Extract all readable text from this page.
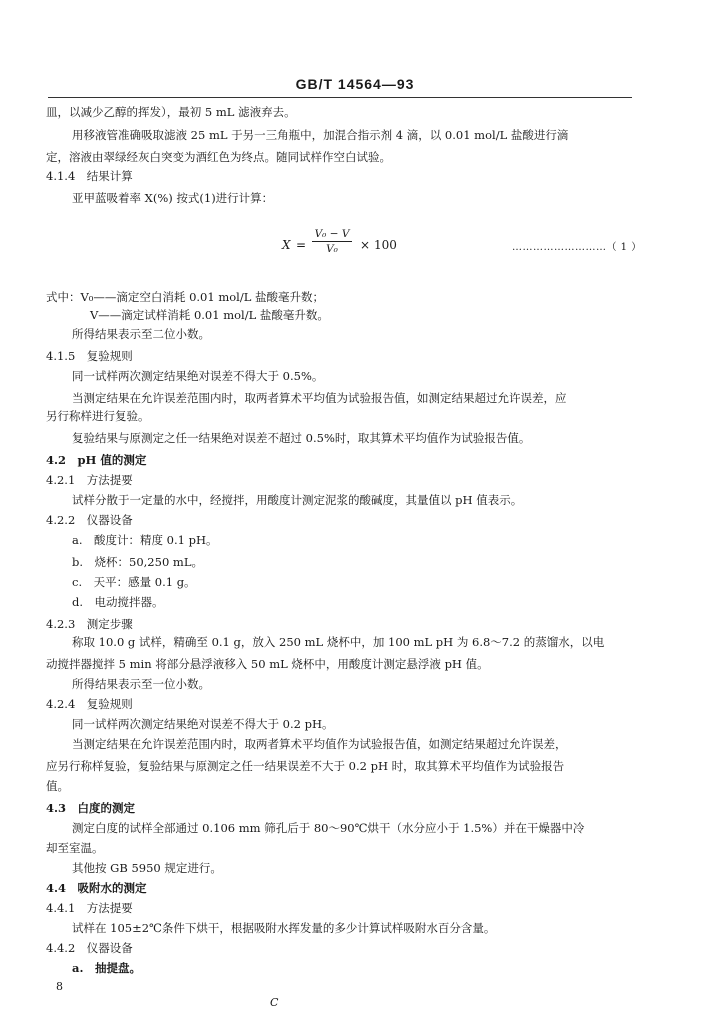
GB/T 14564—93
皿，以减少乙醇的挥发），最初 5 mL 滤液弃去。
用移液管准确吸取滤液 25 mL 于另一三角瓶中，加混合指示剂 4 滴，以 0.01 mol/L 盐酸进行滴
定，溶液由翠绿经灰白突变为酒红色为终点。随同试样作空白试验。
4.1.4　结果计算
亚甲蓝吸着率 X(%) 按式(1)进行计算：
式中：V₀——滴定空白消耗 0.01 mol/L 盐酸毫升数；
V——滴定试样消耗 0.01 mol/L 盐酸毫升数。
所得结果表示至二位小数。
4.1.5　复验规则
同一试样两次测定结果绝对误差不得大于 0.5%。
当测定结果在允许误差范围内时，取两者算术平均值为试验报告值，如测定结果超过允许误差，应
另行称样进行复验。
复验结果与原测定之任一结果绝对误差不超过 0.5%时，取其算术平均值作为试验报告值。
4.2　pH 值的测定
4.2.1　方法提要
试样分散于一定量的水中，经搅拌，用酸度计测定泥浆的酸碱度，其量值以 pH 值表示。
4.2.2　仪器设备
a.　酸度计：精度 0.1 pH。
b.　烧杯：50,250 mL。
c.　天平：感量 0.1 g。
d.　电动搅拌器。
4.2.3　测定步骤
称取 10.0 g 试样，精确至 0.1 g，放入 250 mL 烧杯中，加 100 mL pH 为 6.8～7.2 的蒸馏水，以电
动搅拌器搅拌 5 min 将部分悬浮液移入 50 mL 烧杯中，用酸度计测定悬浮液 pH 值。
所得结果表示至一位小数。
4.2.4　复验规则
同一试样两次测定结果绝对误差不得大于 0.2 pH。
当测定结果在允许误差范围内时，取两者算术平均值作为试验报告值，如测定结果超过允许误差，
应另行称样复验，复验结果与原测定之任一结果误差不大于 0.2 pH 时，取其算术平均值作为试验报告
值。
4.3　白度的测定
测定白度的试样全部通过 0.106 mm 筛孔后于 80～90℃烘干（水分应小于 1.5%）并在干燥器中冷
却至室温。
其他按 GB 5950 规定进行。
4.4　吸附水的测定
4.4.1　方法提要
试样在 105±2℃条件下烘干，根据吸附水挥发量的多少计算试样吸附水百分含量。
4.4.2　仪器设备
a.　抽提盘。
X =
V₀ − V
V₀	× 100	………………………（ 1 ）
8
C
